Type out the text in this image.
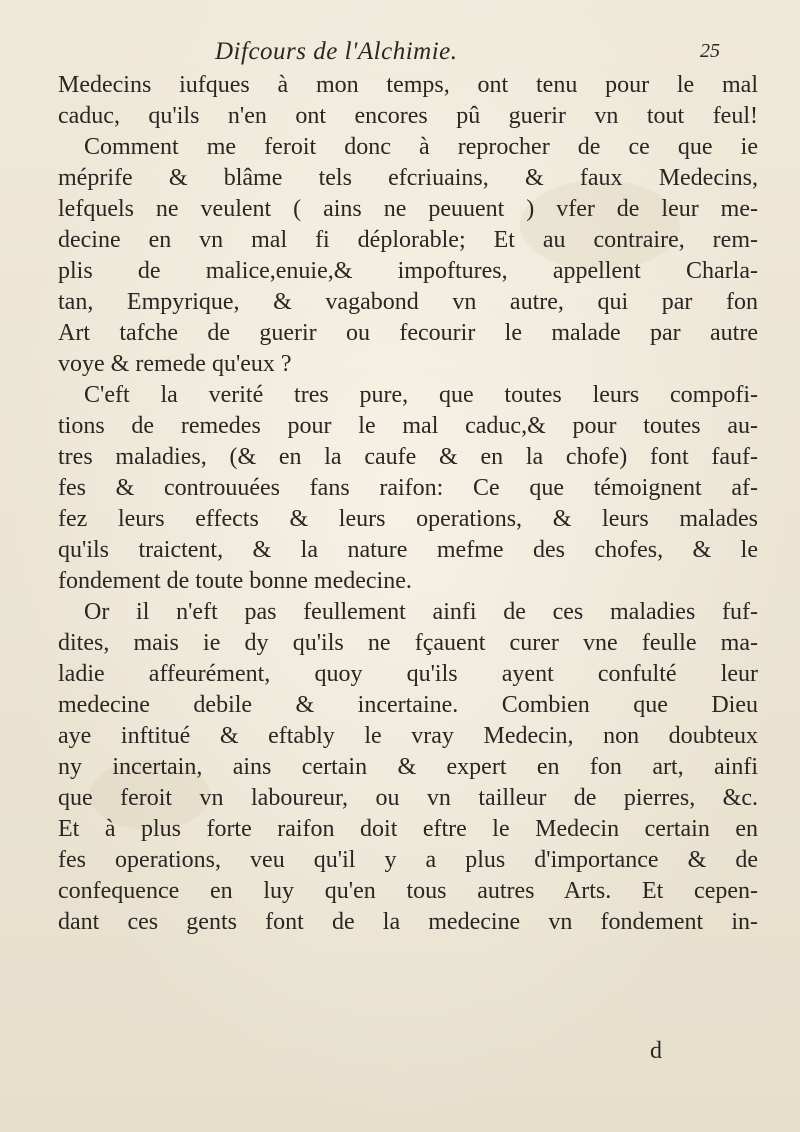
Difcours de l'Alchimie.	25
Medecins iufques à mon temps, ont tenu pour le mal
caduc, qu'ils n'en ont encores pû guerir vn tout feul!
Comment me feroit donc à reprocher de ce que ie
méprife & blâme tels efcriuains, & faux Medecins,
lefquels ne veulent ( ains ne peuuent ) vfer de leur me-
decine en vn mal fi déplorable; Et au contraire, rem-
plis de malice,enuie,& impoftures, appellent Charla-
tan, Empyrique, & vagabond vn autre, qui par fon
Art tafche de guerir ou fecourir le malade par autre
voye & remede qu'eux ?
C'eft la verité tres pure, que toutes leurs compofi-
tions de remedes pour le mal caduc,& pour toutes au-
tres maladies, (& en la caufe & en la chofe) font fauf-
fes & controuuées fans raifon: Ce que témoignent af-
fez leurs effects & leurs operations, & leurs malades
qu'ils traictent, & la nature mefme des chofes, & le
fondement de toute bonne medecine.
Or il n'eft pas feullement ainfi de ces maladies fuf-
dites, mais ie dy qu'ils ne fçauent curer vne feulle ma-
ladie affeurément, quoy qu'ils ayent confulté leur
medecine debile & incertaine. Combien que Dieu
aye inftitué & eftably le vray Medecin, non doubteux
ny incertain, ains certain & expert en fon art, ainfi
que feroit vn laboureur, ou vn tailleur de pierres, &c.
Et à plus forte raifon doit eftre le Medecin certain en
fes operations, veu qu'il y a plus d'importance & de
confequence en luy qu'en tous autres Arts. Et cepen-
dant ces gents font de la medecine vn fondement in-
d
